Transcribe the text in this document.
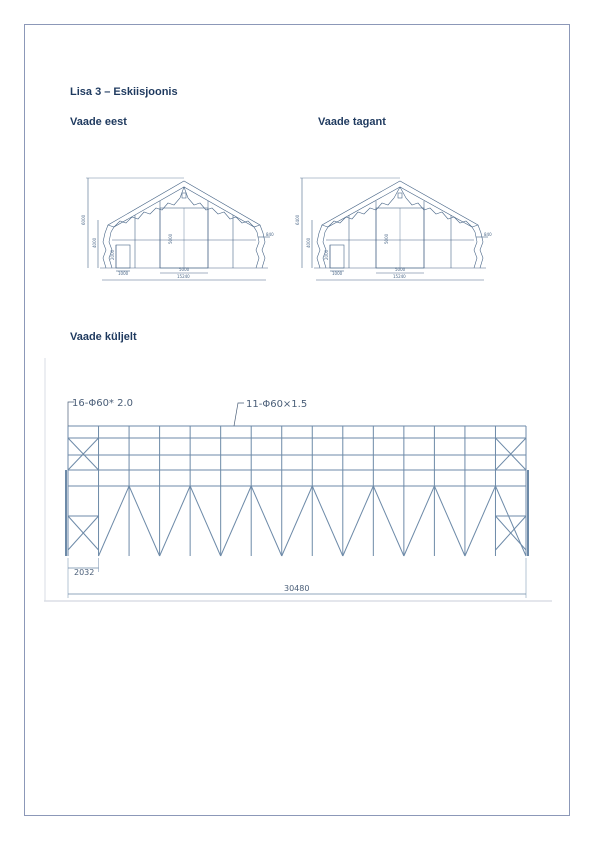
Lisa 3 – Eskiisjoonis
Vaade eest	Vaade tagant
Vaade küljelt
6000
4000
2000
5000
5000
15240
1000
840
6400
4000
2000
5000
5000
15240
1000
840
16-Φ60* 2.0	11-Φ60×1.5
2032
30480
